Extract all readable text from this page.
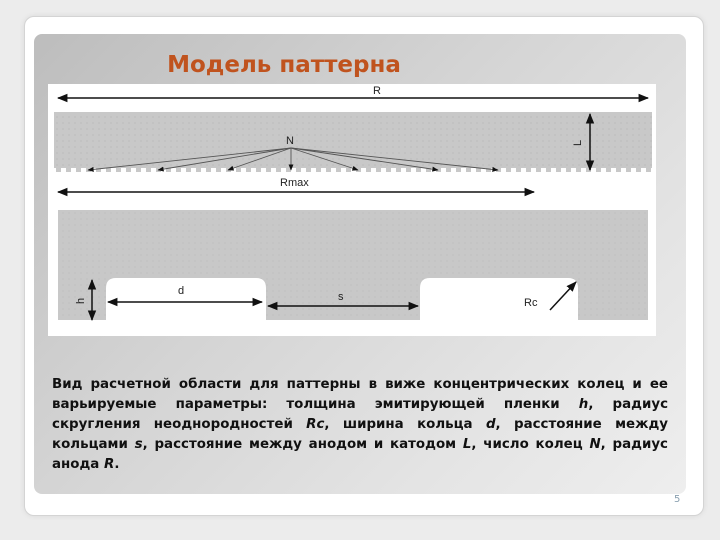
Модель паттерна
R
N	L
Rmax
h
d	s	Rc
Вид расчетной области для паттерны в виже концентрических колец и ее варьируемые параметры: толщина эмитирующей пленки h, радиус скругления неоднородностей Rc, ширина кольца d, расстояние между кольцами s, расстояние между анодом и катодом L, число колец N, радиус анода R.
5
